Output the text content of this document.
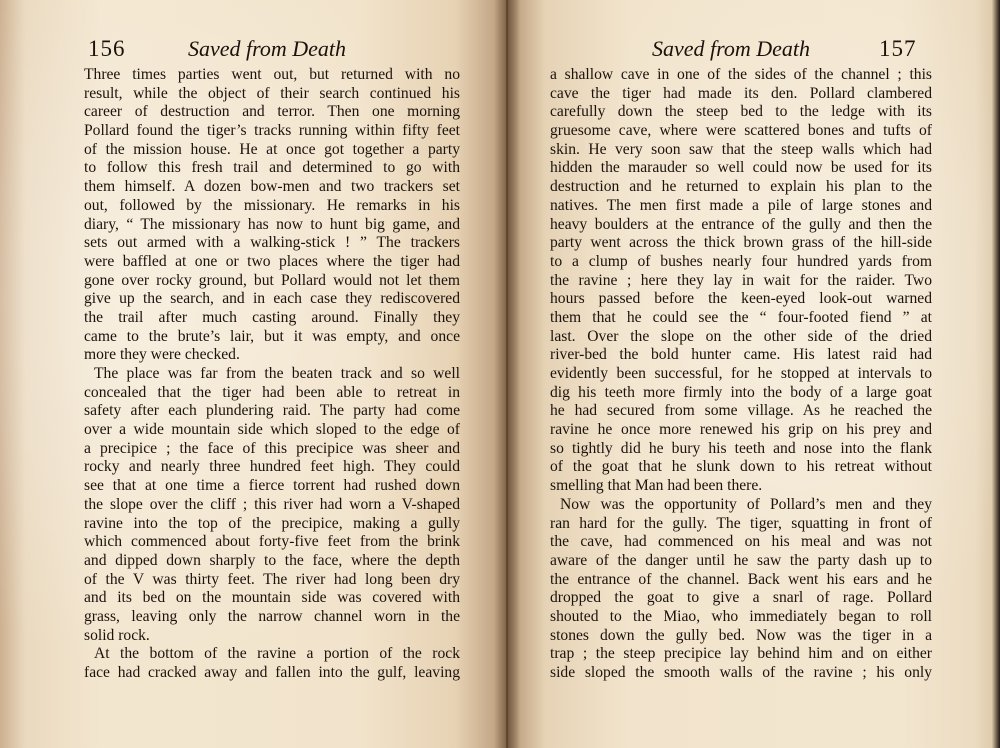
156	Saved from Death
Three times parties went out, but returned with no
result, while the object of their search continued his
career of destruction and terror. Then one morning
Pollard found the tiger’s tracks running within fifty feet
of the mission house. He at once got together a party
to follow this fresh trail and determined to go with
them himself. A dozen bow-men and two trackers set
out, followed by the missionary. He remarks in his
diary, “ The missionary has now to hunt big game, and
sets out armed with a walking-stick ! ” The trackers
were baffled at one or two places where the tiger had
gone over rocky ground, but Pollard would not let them
give up the search, and in each case they rediscovered
the trail after much casting around. Finally they
came to the brute’s lair, but it was empty, and once
more they were checked.
The place was far from the beaten track and so well
concealed that the tiger had been able to retreat in
safety after each plundering raid. The party had come
over a wide mountain side which sloped to the edge of
a precipice ; the face of this precipice was sheer and
rocky and nearly three hundred feet high. They could
see that at one time a fierce torrent had rushed down
the slope over the cliff ; this river had worn a V-shaped
ravine into the top of the precipice, making a gully
which commenced about forty-five feet from the brink
and dipped down sharply to the face, where the depth
of the V was thirty feet. The river had long been dry
and its bed on the mountain side was covered with
grass, leaving only the narrow channel worn in the
solid rock.
At the bottom of the ravine a portion of the rock
face had cracked away and fallen into the gulf, leaving
Saved from Death	157
a shallow cave in one of the sides of the channel ; this
cave the tiger had made its den. Pollard clambered
carefully down the steep bed to the ledge with its
gruesome cave, where were scattered bones and tufts of
skin. He very soon saw that the steep walls which had
hidden the marauder so well could now be used for its
destruction and he returned to explain his plan to the
natives. The men first made a pile of large stones and
heavy boulders at the entrance of the gully and then the
party went across the thick brown grass of the hill-side
to a clump of bushes nearly four hundred yards from
the ravine ; here they lay in wait for the raider. Two
hours passed before the keen-eyed look-out warned
them that he could see the “ four-footed fiend ” at
last. Over the slope on the other side of the dried
river-bed the bold hunter came. His latest raid had
evidently been successful, for he stopped at intervals to
dig his teeth more firmly into the body of a large goat
he had secured from some village. As he reached the
ravine he once more renewed his grip on his prey and
so tightly did he bury his teeth and nose into the flank
of the goat that he slunk down to his retreat without
smelling that Man had been there.
Now was the opportunity of Pollard’s men and they
ran hard for the gully. The tiger, squatting in front of
the cave, had commenced on his meal and was not
aware of the danger until he saw the party dash up to
the entrance of the channel. Back went his ears and he
dropped the goat to give a snarl of rage. Pollard
shouted to the Miao, who immediately began to roll
stones down the gully bed. Now was the tiger in a
trap ; the steep precipice lay behind him and on either
side sloped the smooth walls of the ravine ; his only
